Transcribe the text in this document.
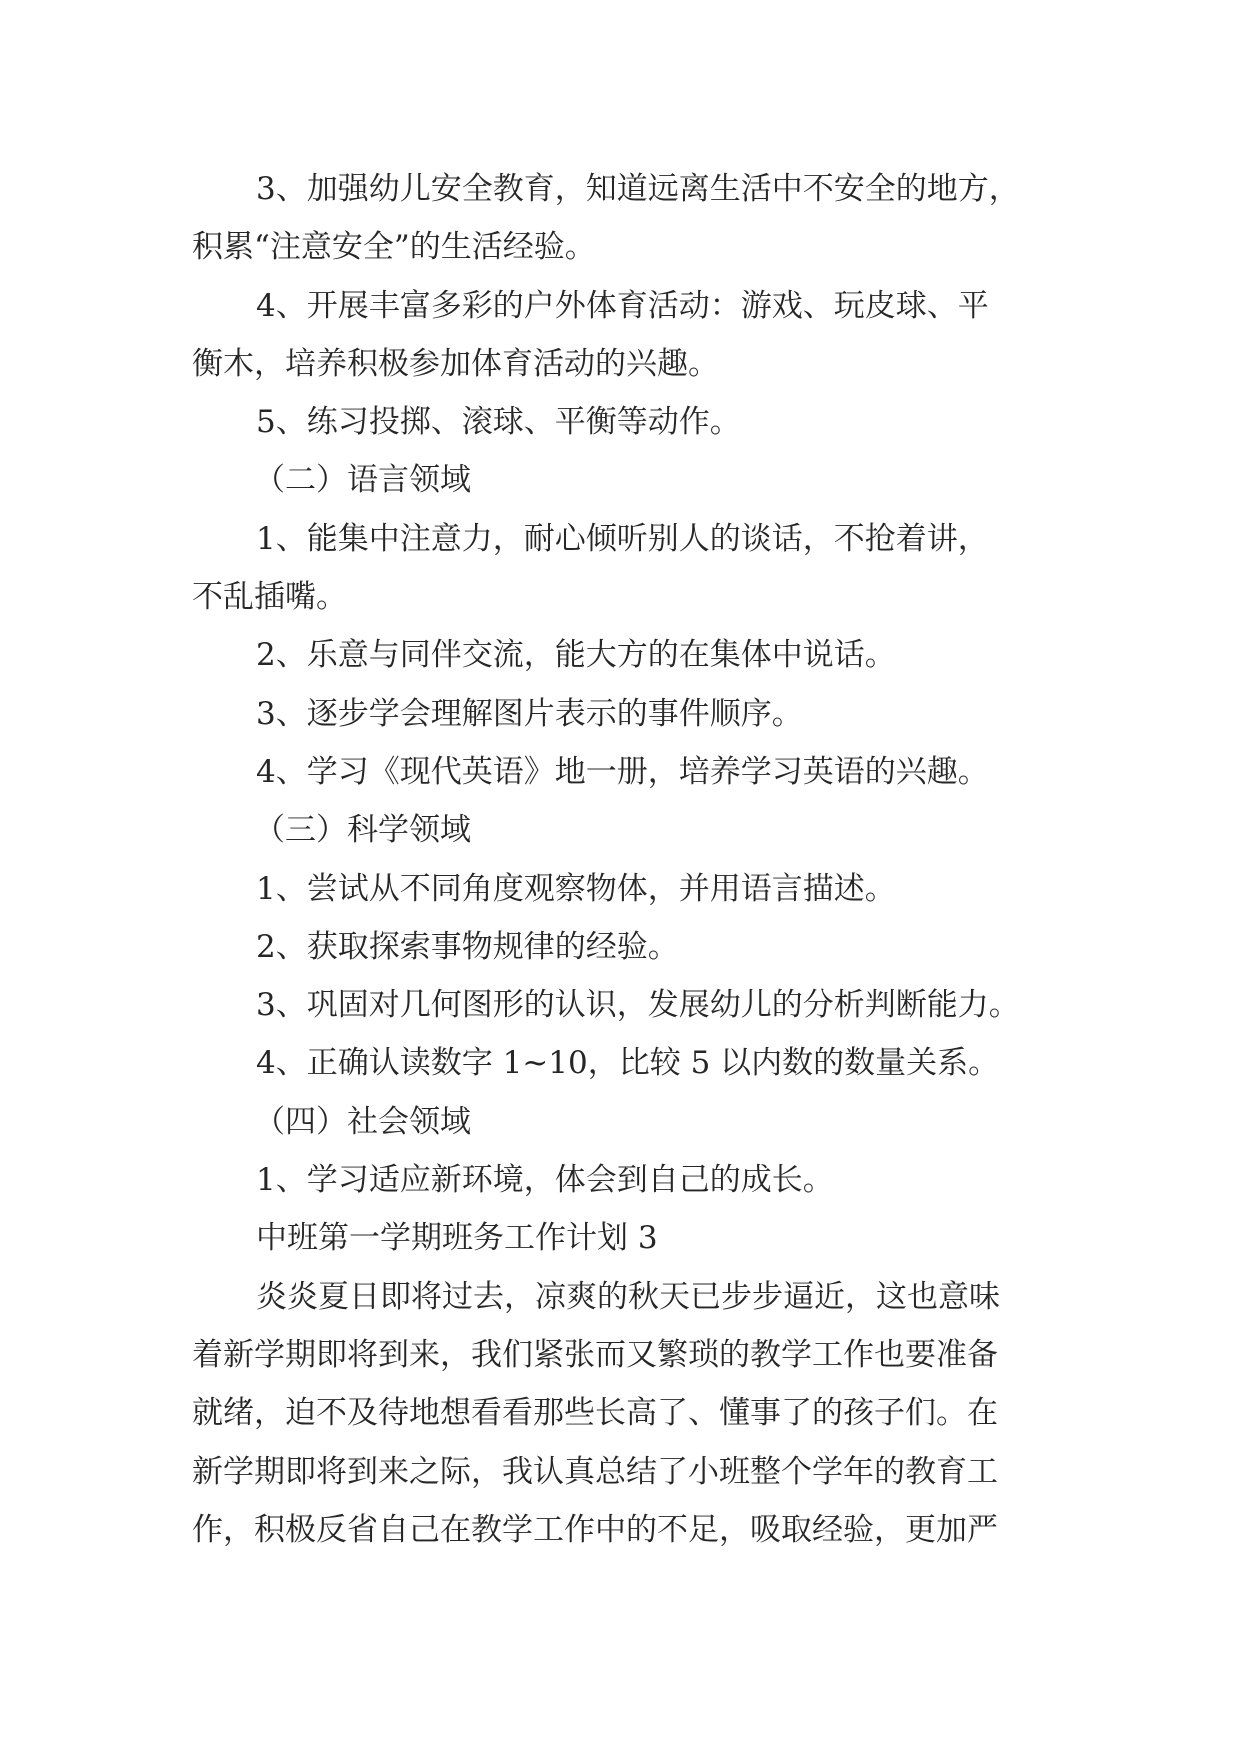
3、加强幼儿安全教育，知道远离生活中不安全的地方，
积累“注意安全”的生活经验。
4、开展丰富多彩的户外体育活动：游戏、玩皮球、平
衡木，培养积极参加体育活动的兴趣。
5、练习投掷、滚球、平衡等动作。
（二）语言领域
1、能集中注意力，耐心倾听别人的谈话，不抢着讲，
不乱插嘴。
2、乐意与同伴交流，能大方的在集体中说话。
3、逐步学会理解图片表示的事件顺序。
4、学习《现代英语》地一册，培养学习英语的兴趣。
（三）科学领域
1、尝试从不同角度观察物体，并用语言描述。
2、获取探索事物规律的经验。
3、巩固对几何图形的认识，发展幼儿的分析判断能力。
4、正确认读数字 1~10，比较 5 以内数的数量关系。
（四）社会领域
1、学习适应新环境，体会到自己的成长。
中班第一学期班务工作计划 3
炎炎夏日即将过去，凉爽的秋天已步步逼近，这也意味
着新学期即将到来，我们紧张而又繁琐的教学工作也要准备
就绪，迫不及待地想看看那些长高了、懂事了的孩子们。在
新学期即将到来之际，我认真总结了小班整个学年的教育工
作，积极反省自己在教学工作中的不足，吸取经验，更加严
